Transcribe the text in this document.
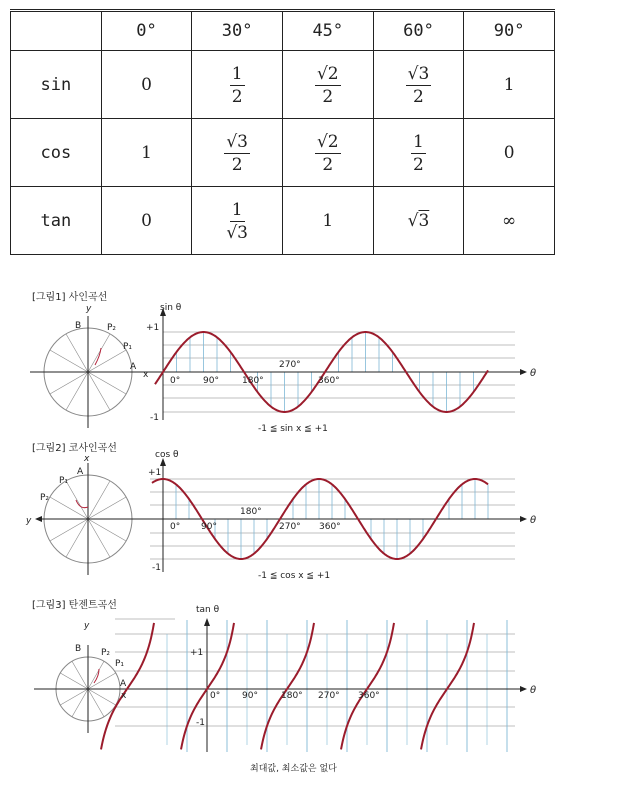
	0°	30°	45°	60°	90°
sin	0	$\frac{1}{2}$	$\frac{√2}{2}$	$\frac{√3}{2}$	1
cos	1	$\frac{√3}{2}$	$\frac{√2}{2}$	$\frac{1}{2}$	0
tan	0	$\frac{1}{√3}$	1	√3	∞
[그림1] 사인곡선
sin θ
+1
-1
0°	90°	180°
270°
360°
θ
y
B	P₂
P₁
A
x
-1 ≦ sin x ≦ +1
[그림2] 코사인곡선
cos θ
+1
-1
0° 90°
180°
270° 360°
θ
x
A
P₁
P₂
y
-1 ≦ cos x ≦ +1
[그림3] 탄젠트곡선	tan θ
+1
-1
0° 90°	180° 270° 360°	θ
y
B P₂
P₁
A
x
최대값, 최소값은 없다
